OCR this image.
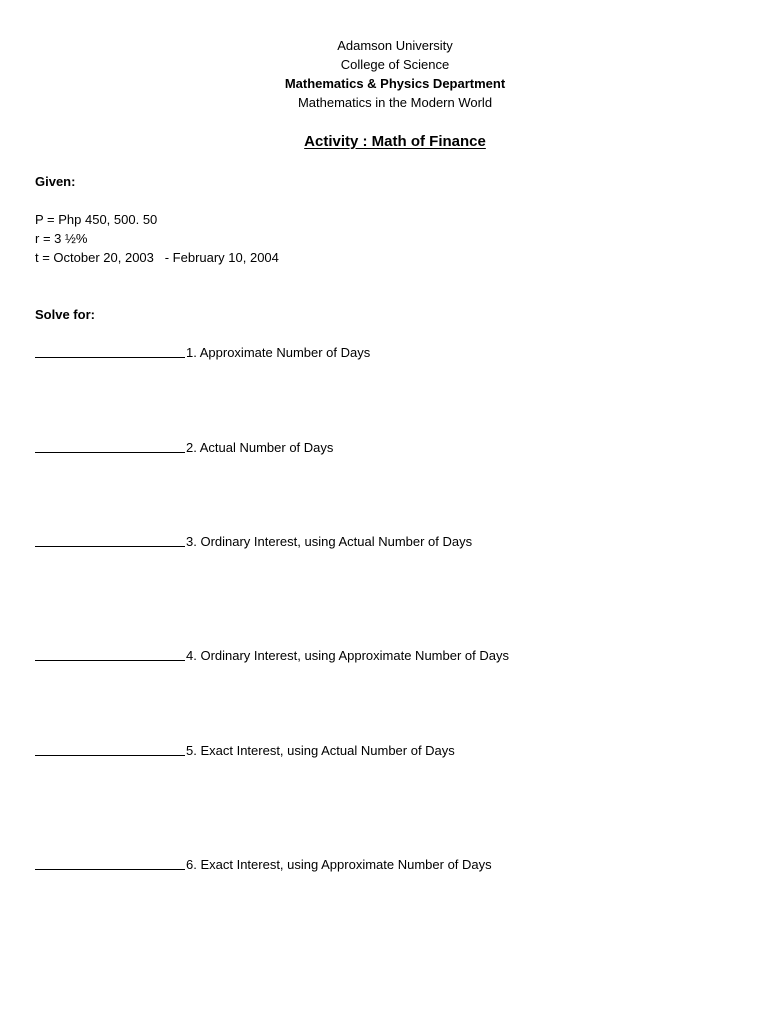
Adamson University
College of Science
Mathematics & Physics Department
Mathematics in the Modern World
Activity : Math of Finance
Given:
P = Php 450, 500. 50
r = 3 ½%
t = October 20, 2003   - February 10, 2004
Solve for:
1. Approximate Number of Days
2. Actual Number of Days
3. Ordinary Interest, using Actual Number of Days
4. Ordinary Interest, using Approximate Number of Days
5. Exact Interest, using Actual Number of Days
6. Exact Interest, using Approximate Number of Days
